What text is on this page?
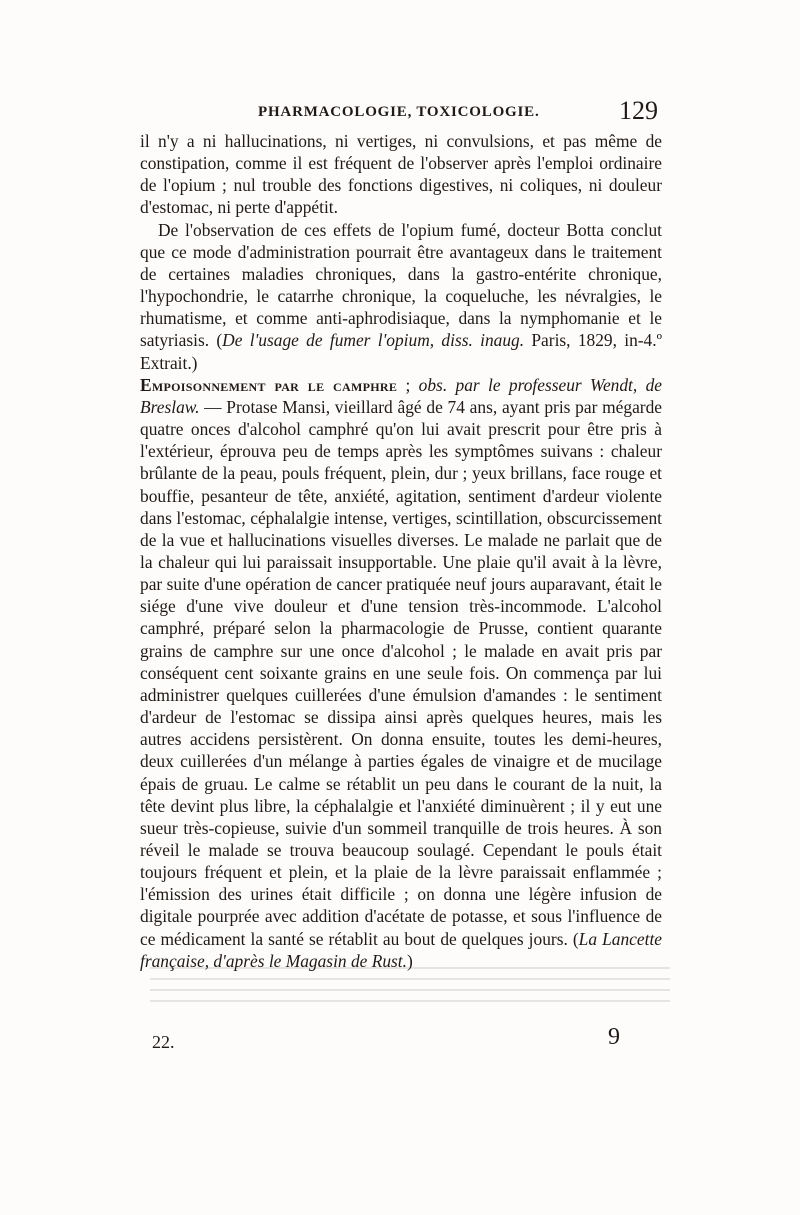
PHARMACOLOGIE, TOXICOLOGIE.	129

il n'y a ni hallucinations, ni vertiges, ni convulsions, et pas même de constipation, comme il est fréquent de l'observer après l'emploi ordinaire de l'opium ; nul trouble des fonctions digestives, ni coliques, ni douleur d'estomac, ni perte d'appétit.

De l'observation de ces effets de l'opium fumé, docteur Botta conclut que ce mode d'administration pourrait être avantageux dans le traitement de certaines maladies chroniques, dans la gastro-entérite chronique, l'hypochondrie, le catarrhe chronique, la coqueluche, les névralgies, le rhumatisme, et comme anti-aphrodisiaque, dans la nymphomanie et le satyriasis. (De l'usage de fumer l'opium, diss. inaug. Paris, 1829, in-4.º Extrait.)

Empoisonnement par le camphre ; obs. par le professeur Wendt, de Breslaw. — Protase Mansi, vieillard âgé de 74 ans, ayant pris par mégarde quatre onces d'alcohol camphré qu'on lui avait prescrit pour être pris à l'extérieur, éprouva peu de temps après les symptômes suivans : chaleur brûlante de la peau, pouls fréquent, plein, dur ; yeux brillans, face rouge et bouffie, pesanteur de tête, anxiété, agitation, sentiment d'ardeur violente dans l'estomac, céphalalgie intense, vertiges, scintillation, obscurcissement de la vue et hallucinations visuelles diverses. Le malade ne parlait que de la chaleur qui lui paraissait insupportable. Une plaie qu'il avait à la lèvre, par suite d'une opération de cancer pratiquée neuf jours auparavant, était le siége d'une vive douleur et d'une tension très-incommode. L'alcohol camphré, préparé selon la pharmacologie de Prusse, contient quarante grains de camphre sur une once d'alcohol ; le malade en avait pris par conséquent cent soixante grains en une seule fois. On commença par lui administrer quelques cuillerées d'une émulsion d'amandes : le sentiment d'ardeur de l'estomac se dissipa ainsi après quelques heures, mais les autres accidens persistèrent. On donna ensuite, toutes les demi-heures, deux cuillerées d'un mélange à parties égales de vinaigre et de mucilage épais de gruau. Le calme se rétablit un peu dans le courant de la nuit, la tête devint plus libre, la céphalalgie et l'anxiété diminuèrent ; il y eut une sueur très-copieuse, suivie d'un sommeil tranquille de trois heures. À son réveil le malade se trouva beaucoup soulagé. Cependant le pouls était toujours fréquent et plein, et la plaie de la lèvre paraissait enflammée ; l'émission des urines était difficile ; on donna une légère infusion de digitale pourprée avec addition d'acétate de potasse, et sous l'influence de ce médicament la santé se rétablit au bout de quelques jours. (La Lancette française, d'après le Magasin de Rust.)

22.	9
